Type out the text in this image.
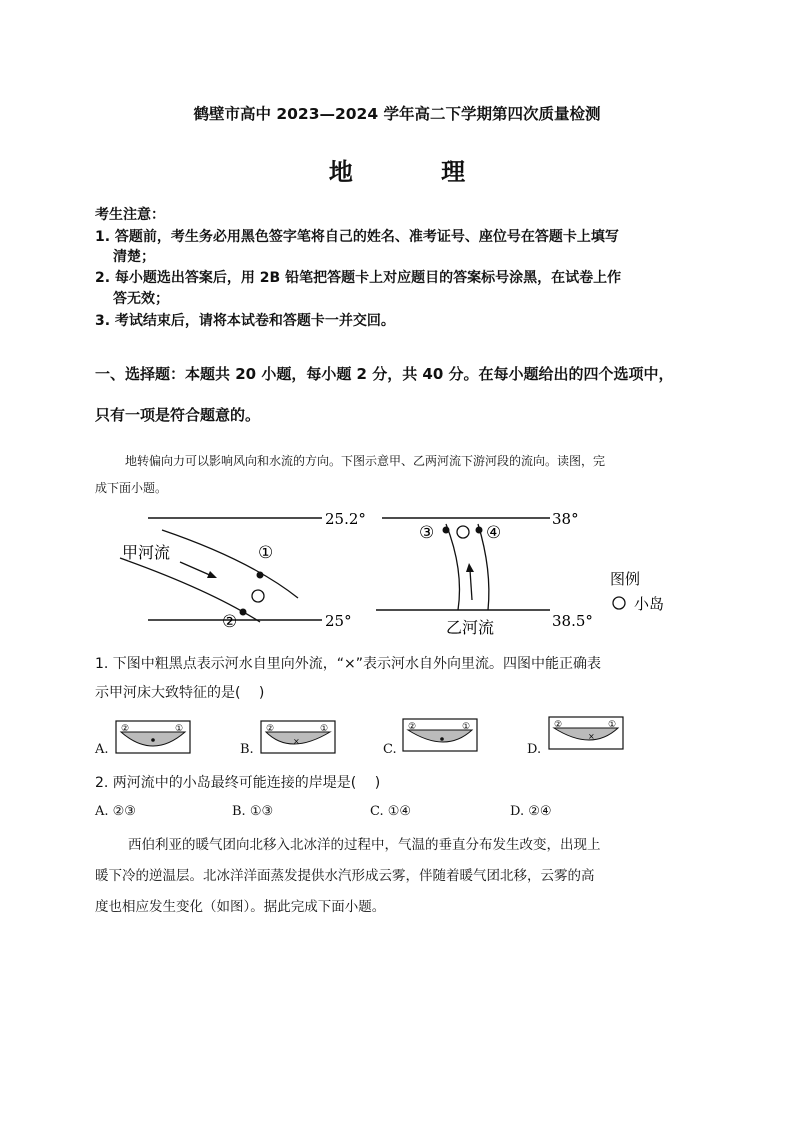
鹤壁市高中 2023—2024 学年高二下学期第四次质量检测
地 理
考生注意：
1. 答题前，考生务必用黑色签字笔将自己的姓名、准考证号、座位号在答题卡上填写
清楚；
2. 每小题选出答案后，用 2B 铅笔把答题卡上对应题目的答案标号涂黑，在试卷上作
答无效；
3. 考试结束后，请将本试卷和答题卡一并交回。
一、选择题：本题共 20 小题，每小题 2 分，共 40 分。在每小题给出的四个选项中，
只有一项是符合题意的。
地转偏向力可以影响风向和水流的方向。下图示意甲、乙两河流下游河段的流向。读图，完
成下面小题。
25.2°
25°
甲河流	①
②
38°
38.5°
③	④
乙河流
图例
小岛
1. 下图中粗黑点表示河水自里向外流，“×”表示河水自外向里流。四图中能正确表
示甲河床大致特征的是(　 )
A.
②	①
B.
②	①
×
C.
②	①
D.
②	①
×
2. 两河流中的小岛最终可能连接的岸堤是(　 )
A. ②③	B. ①③	C. ①④	D. ②④
西伯利亚的暖气团向北移入北冰洋的过程中，气温的垂直分布发生改变，出现上
暖下冷的逆温层。北冰洋洋面蒸发提供水汽形成云雾，伴随着暖气团北移，云雾的高
度也相应发生变化（如图）。据此完成下面小题。
